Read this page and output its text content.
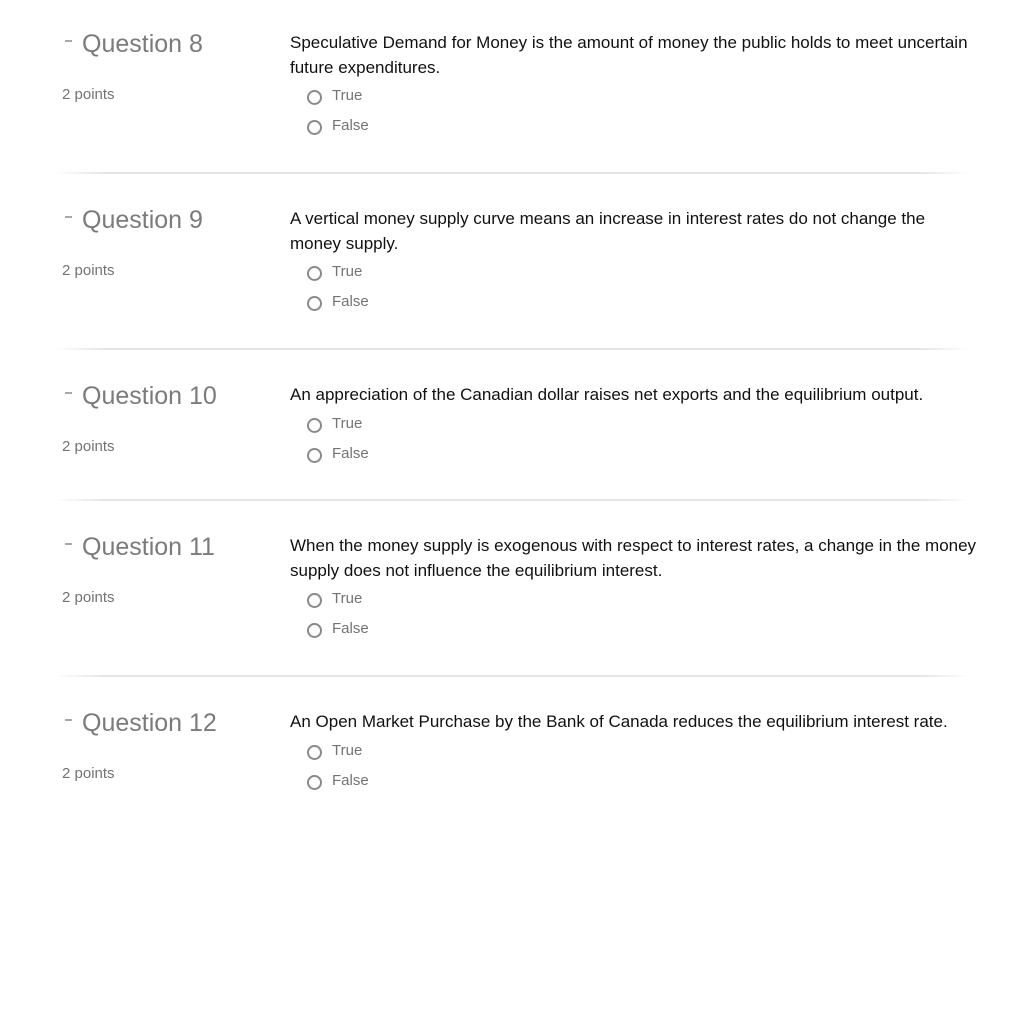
Question 8
2 points
Speculative Demand for Money is the amount of money the public holds to meet uncertain future expenditures.
True
False
Question 9
2 points
A vertical money supply curve means an increase in interest rates do not change the money supply.
True
False
Question 10
2 points
An appreciation of the Canadian dollar raises net exports and the equilibrium output.
True
False
Question 11
2 points
When the money supply is exogenous with respect to interest rates, a change in the money supply does not influence the equilibrium interest.
True
False
Question 12
2 points
An Open Market Purchase by the Bank of Canada reduces the equilibrium interest rate.
True
False
